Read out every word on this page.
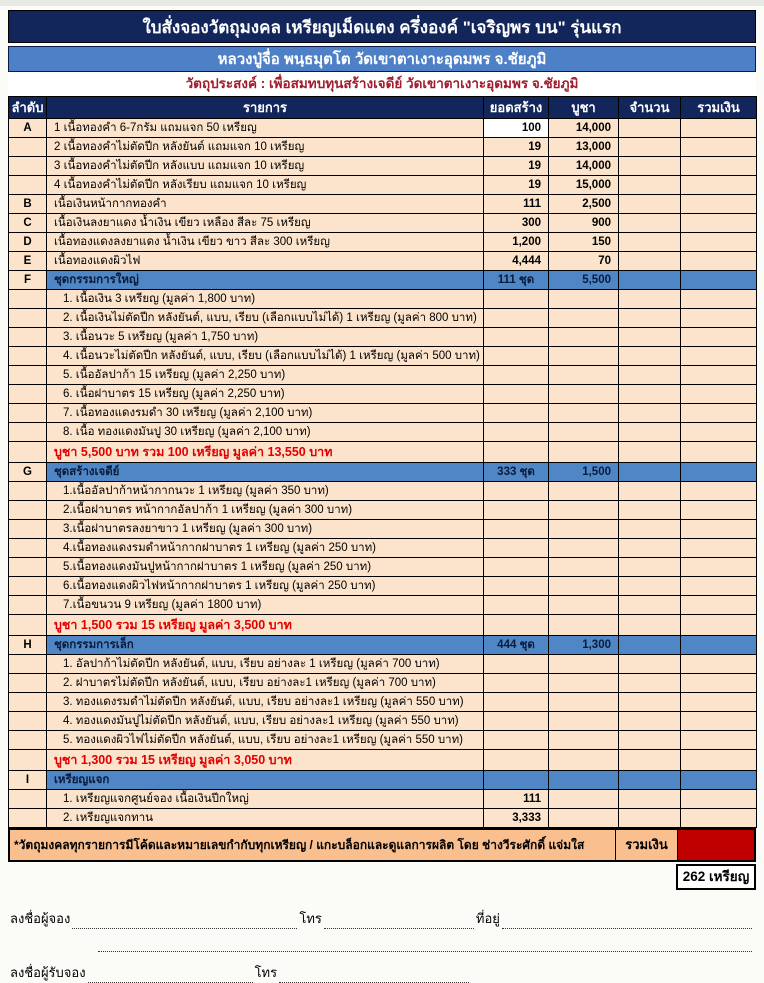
ใบสั่งจองวัตถุมงคล เหรียญเม็ดแตง ครึ่งองค์ "เจริญพร บน" รุ่นแรก
หลวงปู่จื่อ พนฺธมุตโต วัดเขาตาเงาะอุดมพร จ.ชัยภูมิ
วัตถุประสงค์ : เพื่อสมทบทุนสร้างเจดีย์ วัดเขาตาเงาะอุดมพร จ.ชัยภูมิ
ลำดับ	รายการ	ยอดสร้าง	บูชา	จำนวน	รวมเงิน
A	1 เนื้อทองคำ 6-7กรัม แถมแจก 50 เหรียญ	100	14,000		
	2 เนื้อทองคำไม่ตัดปีก หลังยันต์ แถมแจก 10 เหรียญ	19	13,000		
	3 เนื้อทองคำไม่ตัดปีก หลังแบบ แถมแจก 10 เหรียญ	19	14,000		
	4 เนื้อทองคำไม่ตัดปีก หลังเรียบ แถมแจก 10 เหรียญ	19	15,000		
B	เนื้อเงินหน้ากากทองคำ	111	2,500		
C	เนื้อเงินลงยาแดง น้ำเงิน เขียว เหลือง สีละ 75 เหรียญ	300	900		
D	เนื้อทองแดงลงยาแดง น้ำเงิน เขียว ขาว สีละ 300 เหรียญ	1,200	150		
E	เนื้อทองแดงผิวไฟ	4,444	70		
F	ชุดกรรมการใหญ่	111 ชุด	5,500		
	1. เนื้อเงิน 3 เหรียญ (มูลค่า 1,800 บาท)				
	2. เนื้อเงินไม่ตัดปีก หลังยันต์, แบบ, เรียบ (เลือกแบบไม่ได้) 1 เหรียญ (มูลค่า 800 บาท)				
	3. เนื้อนวะ 5 เหรียญ (มูลค่า 1,750 บาท)				
	4. เนื้อนวะไม่ตัดปีก หลังยันต์, แบบ, เรียบ (เลือกแบบไม่ได้) 1 เหรียญ (มูลค่า 500 บาท)				
	5. เนื้ออัลปาก้า 15 เหรียญ (มูลค่า 2,250 บาท)				
	6. เนื้อฝาบาตร 15 เหรียญ (มูลค่า 2,250 บาท)				
	7. เนื้อทองแดงรมดำ 30 เหรียญ (มูลค่า 2,100 บาท)				
	8. เนื้อ ทองแดงมันปู 30 เหรียญ (มูลค่า 2,100 บาท)				
	บูชา 5,500 บาท รวม 100 เหรียญ มูลค่า 13,550 บาท				
G	ชุดสร้างเจดีย์	333 ชุด	1,500		
	1.เนื้ออัลปาก้าหน้ากากนวะ 1 เหรียญ (มูลค่า 350 บาท)				
	2.เนื้อฝาบาตร หน้ากากอัลปาก้า 1 เหรียญ (มูลค่า 300 บาท)				
	3.เนื้อฝาบาตรลงยาขาว 1 เหรียญ (มูลค่า 300 บาท)				
	4.เนื้อทองแดงรมดำหน้ากากฝาบาตร 1 เหรียญ (มูลค่า 250 บาท)				
	5.เนื้อทองแดงมันปูหน้ากากฝาบาตร 1 เหรียญ (มูลค่า 250 บาท)				
	6.เนื้อทองแดงผิวไฟหน้ากากฝาบาตร 1 เหรียญ (มูลค่า 250 บาท)				
	7.เนื้อขนวน 9 เหรียญ (มูลค่า 1800 บาท)				
	บูชา 1,500 รวม 15 เหรียญ มูลค่า 3,500 บาท				
H	ชุดกรรมการเล็ก	444 ชุด	1,300		
	1. อัลปาก้าไม่ตัดปีก หลังยันต์, แบบ, เรียบ อย่างละ 1 เหรียญ (มูลค่า 700 บาท)				
	2. ฝาบาตรไม่ตัดปีก หลังยันต์, แบบ, เรียบ อย่างละ1 เหรียญ (มูลค่า 700 บาท)				
	3. ทองแดงรมดำไม่ตัดปีก หลังยันต์, แบบ, เรียบ อย่างละ1 เหรียญ (มูลค่า 550 บาท)				
	4. ทองแดงมันปูไม่ตัดปีก หลังยันต์, แบบ, เรียบ อย่างละ1 เหรียญ (มูลค่า 550 บาท)				
	5. ทองแดงผิวไฟไม่ตัดปีก หลังยันต์, แบบ, เรียบ อย่างละ1 เหรียญ (มูลค่า 550 บาท)				
	บูชา 1,300 รวม 15 เหรียญ มูลค่า 3,050 บาท				
I	เหรียญแจก				
	1. เหรียญแจกศูนย์จอง เนื้อเงินปีกใหญ่	111			
	2. เหรียญแจกทาน	3,333			
*วัตถุมงคลทุกรายการมีโค้ดและหมายเลขกำกับทุกเหรียญ / แกะบล็อกและดูแลการผลิต โดย ช่างวีระศักดิ์ แจ่มใส	รวมเงิน
262 เหรียญ
ลงชื่อผู้จอง	โทร	ที่อยู่
ลงชื่อผู้รับจอง	โทร
